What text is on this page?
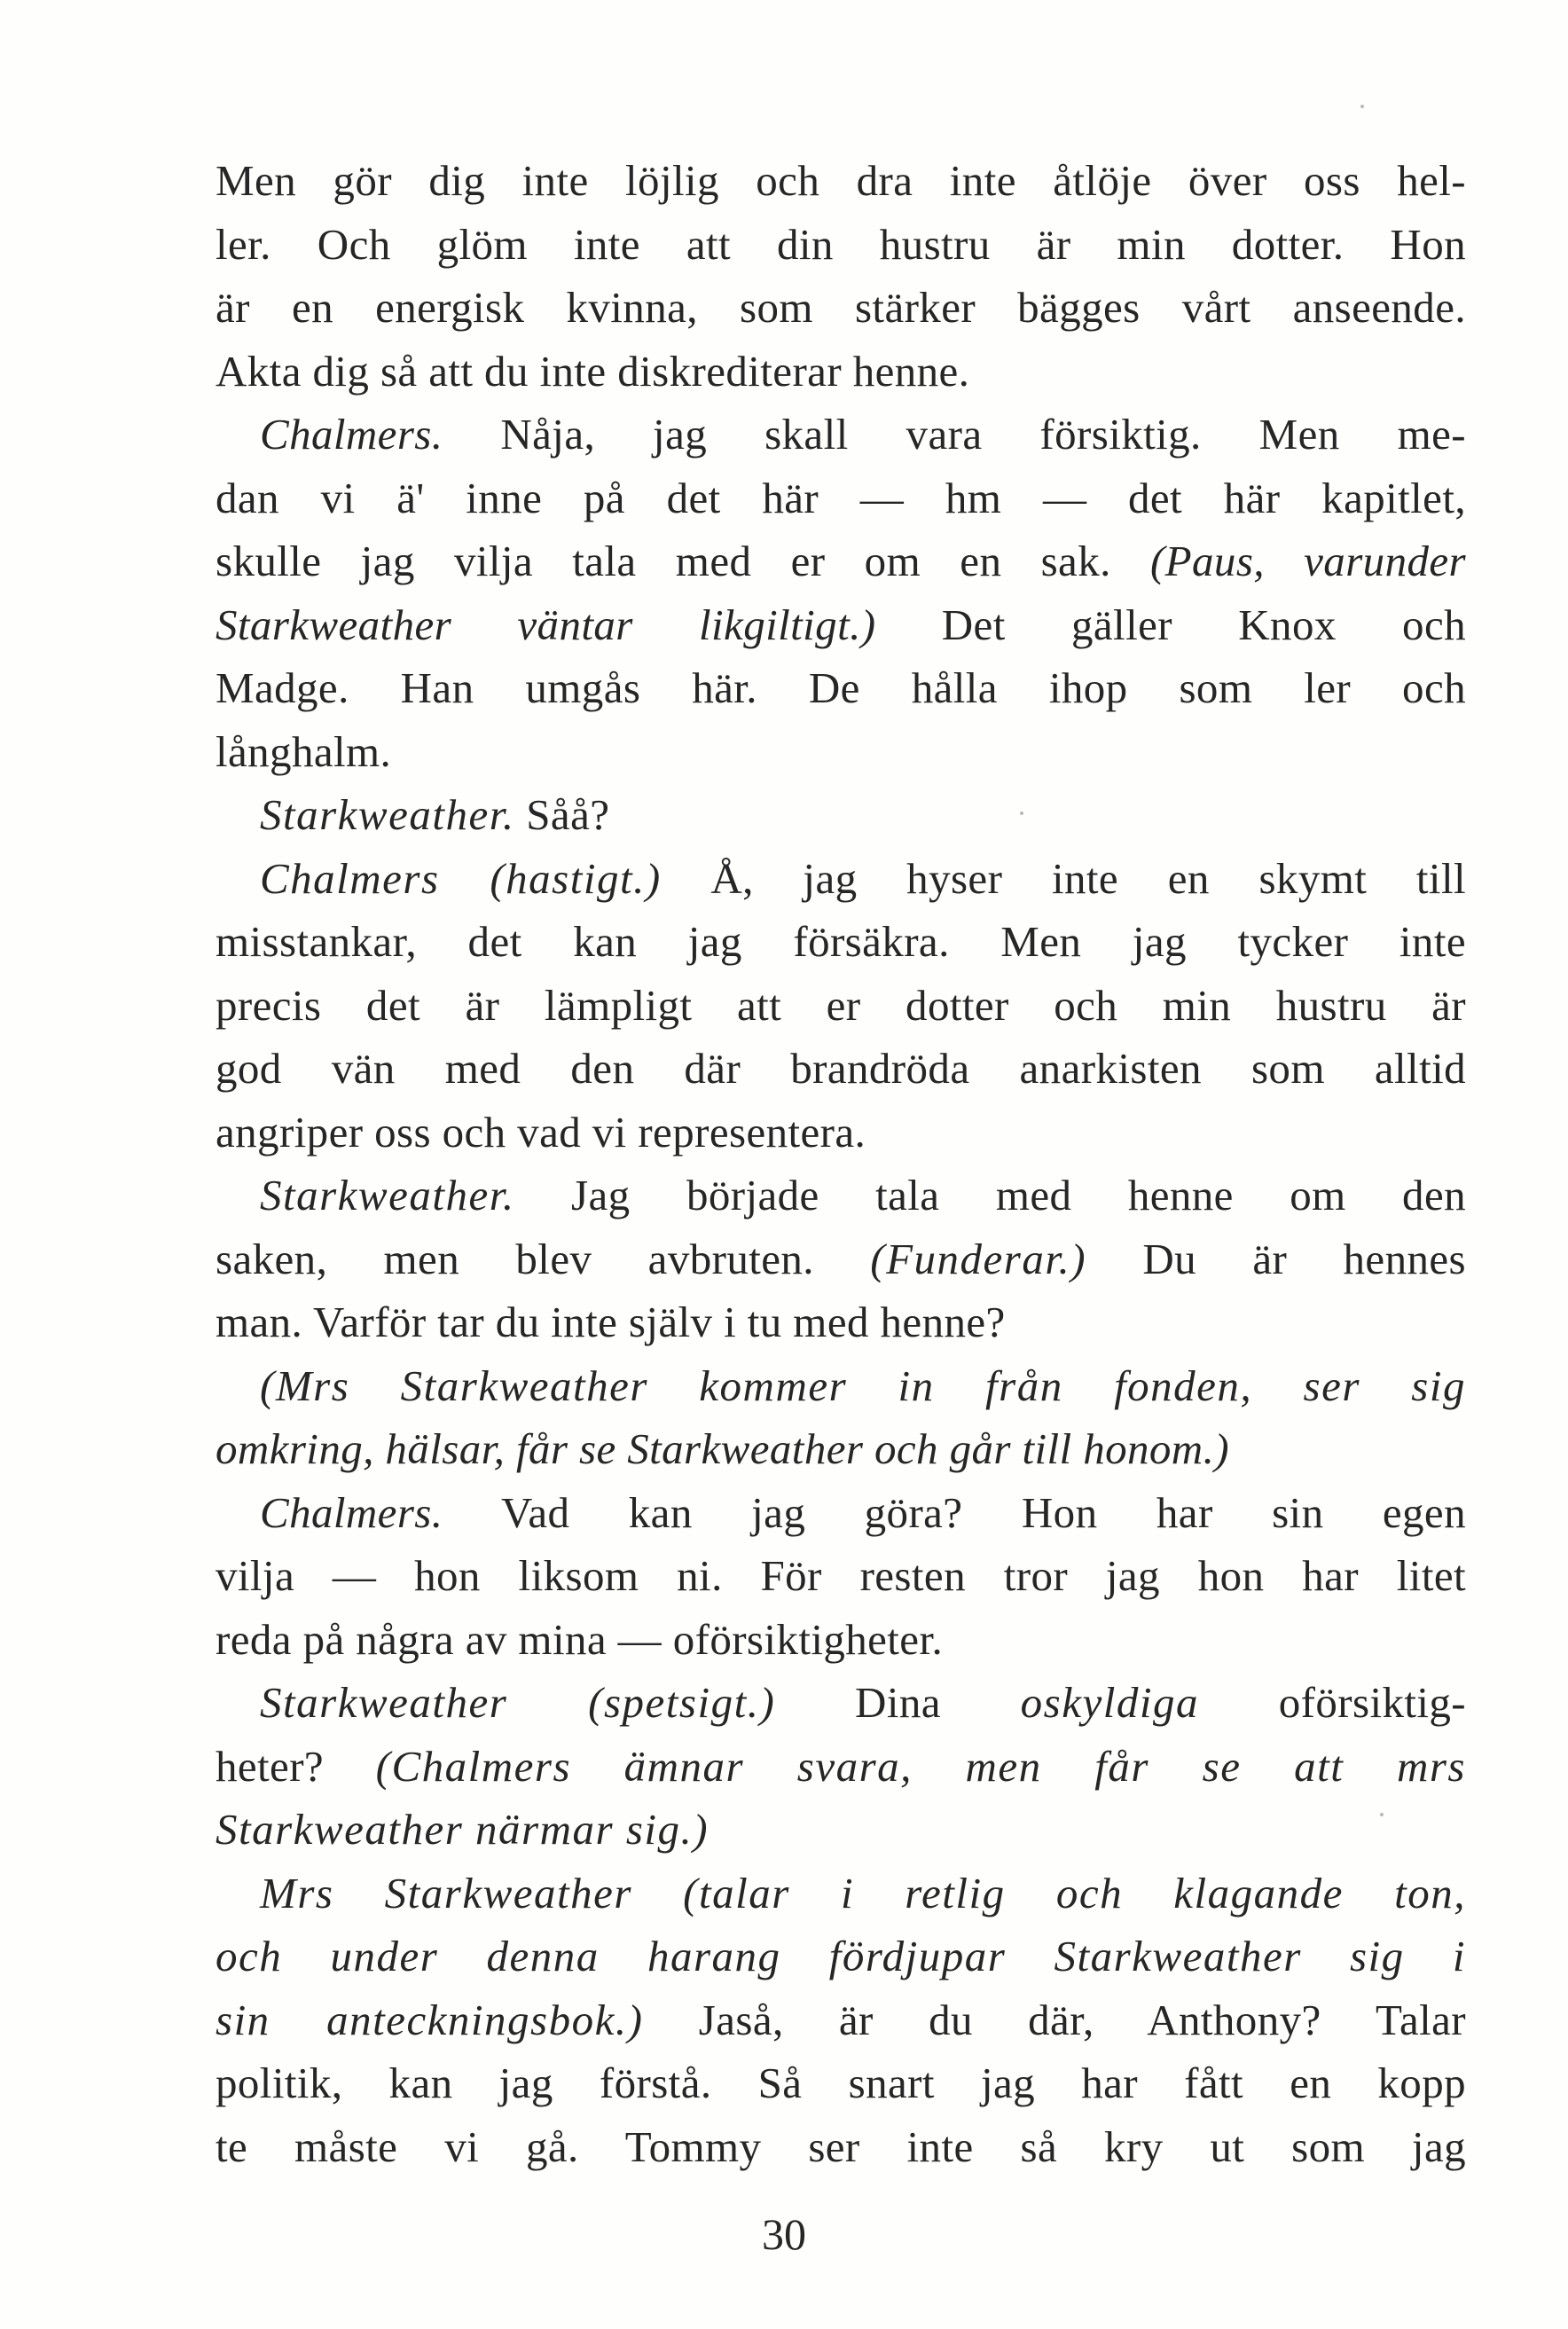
Men gör dig inte löjlig och dra inte åtlöje över oss hel-
ler. Och glöm inte att din hustru är min dotter. Hon
är en energisk kvinna, som stärker bägges vårt anseende.
Akta dig så att du inte diskrediterar henne.
Chalmers. Nåja, jag skall vara försiktig. Men me-
dan vi ä' inne på det här — hm — det här kapitlet,
skulle jag vilja tala med er om en sak. (Paus, varunder
Starkweather väntar likgiltigt.) Det gäller Knox och
Madge. Han umgås här. De hålla ihop som ler och
långhalm.
Starkweather. Såå?
Chalmers (hastigt.) Å, jag hyser inte en skymt till
misstankar, det kan jag försäkra. Men jag tycker inte
precis det är lämpligt att er dotter och min hustru är
god vän med den där brandröda anarkisten som alltid
angriper oss och vad vi representera.
Starkweather. Jag började tala med henne om den
saken, men blev avbruten. (Funderar.) Du är hennes
man. Varför tar du inte själv i tu med henne?
(Mrs Starkweather kommer in från fonden, ser sig
omkring, hälsar, får se Starkweather och går till honom.)
Chalmers. Vad kan jag göra? Hon har sin egen
vilja — hon liksom ni. För resten tror jag hon har litet
reda på några av mina — oförsiktigheter.
Starkweather (spetsigt.) Dina oskyldiga oförsiktig-
heter? (Chalmers ämnar svara, men får se att mrs
Starkweather närmar sig.)
Mrs Starkweather (talar i retlig och klagande ton,
och under denna harang fördjupar Starkweather sig i
sin anteckningsbok.) Jaså, är du där, Anthony? Talar
politik, kan jag förstå. Så snart jag har fått en kopp
te måste vi gå. Tommy ser inte så kry ut som jag
30
